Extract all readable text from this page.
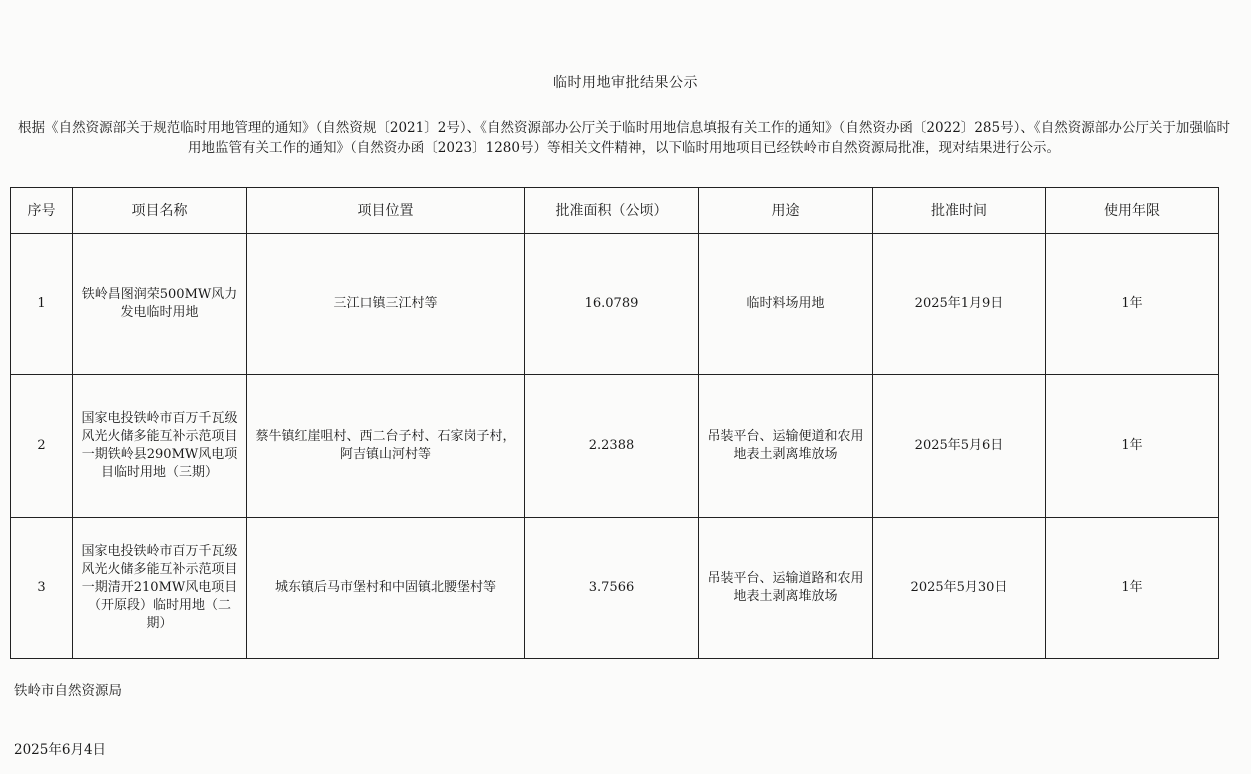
临时用地审批结果公示
根据《自然资源部关于规范临时用地管理的通知》（自然资规〔2021〕2号）、《自然资源部办公厅关于临时用地信息填报有关工作的通知》（自然资办函〔2022〕285号）、《自然资源部办公厅关于加强临时用地监管有关工作的通知》（自然资办函〔2023〕1280号）等相关文件精神，以下临时用地项目已经铁岭市自然资源局批准，现对结果进行公示。
序号	项目名称	项目位置	批准面积（公顷）	用途	批准时间	使用年限
1	铁岭昌图润荣500MW风力发电临时用地	三江口镇三江村等	16.0789	临时料场用地	2025年1月9日	1年
2	国家电投铁岭市百万千瓦级风光火储多能互补示范项目一期铁岭县290MW风电项目临时用地（三期）	蔡牛镇红崖咀村、西二台子村、石家岗子村，阿吉镇山河村等	2.2388	吊装平台、运输便道和农用地表土剥离堆放场	2025年5月6日	1年
3	国家电投铁岭市百万千瓦级风光火储多能互补示范项目一期清开210MW风电项目（开原段）临时用地（二期）	城东镇后马市堡村和中固镇北腰堡村等	3.7566	吊装平台、运输道路和农用地表土剥离堆放场	2025年5月30日	1年
铁岭市自然资源局
2025年6月4日
